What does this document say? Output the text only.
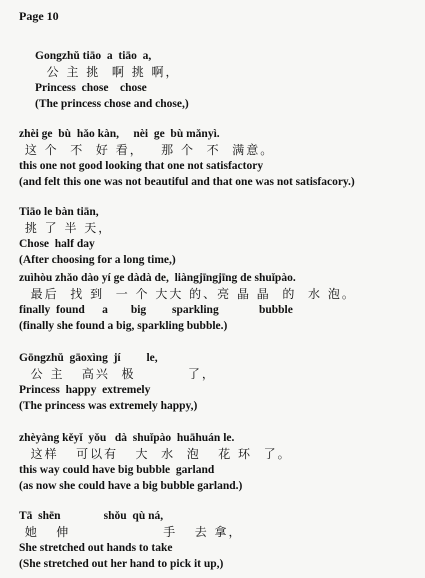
Page 10
Gongzhǔ tiāo  a  tiāo  a,
公 主 挑  啊 挑 啊，
Princess  chose    chose
(The princess chose and chose,)
zhèi ge  bù  hǎo kàn,     nèi  ge  bù mǎnyì.
这 个  不  好 看，   那 个  不  满意。
this one not good looking that one not satisfactory
(and felt this one was not beautiful and that one was not satisfacory.)
Tiāo le bàn tiān,
挑 了 半 天，
Chose  half day
(After choosing for a long time,)
zuìhòu zhǎo dào yí ge dàdà de,  liàngjīngjīng de shuǐpào.
最后  找 到  一 个 大大 的、亮 晶 晶  的  水 泡。
finally  found      a        big         sparkling              bubble
(finally she found a big, sparkling bubble.)
Gōngzhǔ  gāoxìng  jí         le,
公 主   高兴  极         了，
Princess  happy  extremely
(The princess was extremely happy,)
zhèyàng kěyǐ  yǒu   dà  shuǐpào  huāhuán le.
这样   可以有   大  水  泡   花 环  了。
this way could have big bubble  garland
(as now she could have a big bubble garland.)
Tā  shēn               shǒu  qù ná,
她   伸                手   去 拿，
She stretched out hands to take
(She stretched out her hand to pick it up,)
